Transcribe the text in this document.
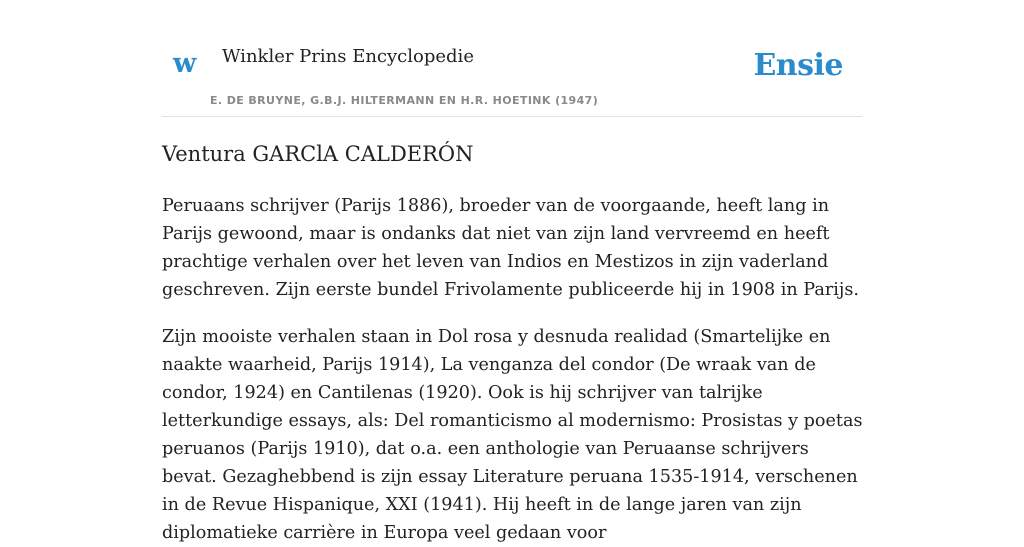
w Winkler Prins Encyclopedie
E. DE BRUYNE, G.B.J. HILTERMANN EN H.R. HOETINK (1947)
Ensie
Ventura GARClA CALDERÓN

Peruaans schrijver (Parijs 1886), broeder van de voorgaande, heeft lang in Parijs gewoond, maar is ondanks dat niet van zijn land vervreemd en heeft prachtige verhalen over het leven van Indios en Mestizos in zijn vaderland geschreven. Zijn eerste bundel Frivolamente publiceerde hij in 1908 in Parijs.

Zijn mooiste verhalen staan in Dol rosa y desnuda realidad (Smartelijke en naakte waarheid, Parijs 1914), La venganza del condor (De wraak van de condor, 1924) en Cantilenas (1920). Ook is hij schrijver van talrijke letterkundige essays, als: Del romanticismo al modernismo: Prosistas y poetas peruanos (Parijs 1910), dat o.a. een anthologie van Peruaanse schrijvers bevat. Gezaghebbend is zijn essay Literature peruana 1535-1914, verschenen in de Revue Hispanique, XXI (1941). Hij heeft in de lange jaren van zijn diplomatieke carrière in Europa veel gedaan voor
